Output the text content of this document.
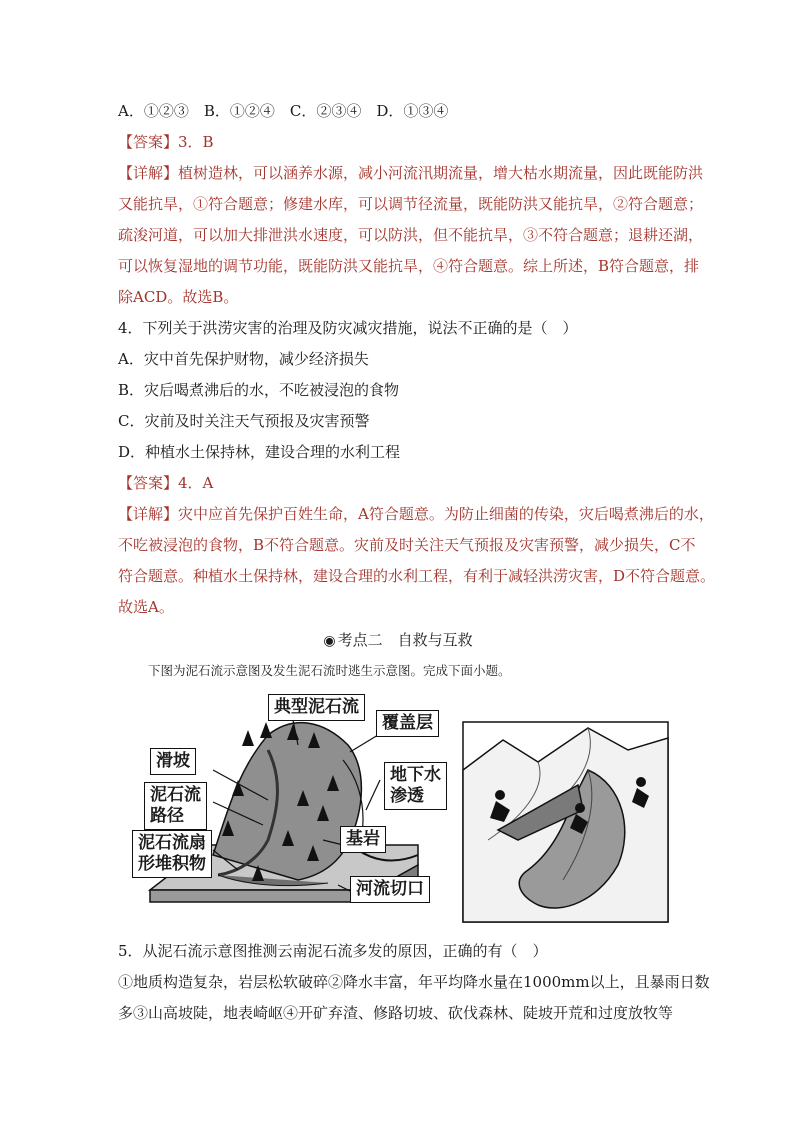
A．①②③　B．①②④　C．②③④　D．①③④
【答案】3．B
【详解】植树造林，可以涵养水源，减小河流汛期流量，增大枯水期流量，因此既能防洪
又能抗旱，①符合题意；修建水库，可以调节径流量，既能防洪又能抗旱，②符合题意；
疏浚河道，可以加大排泄洪水速度，可以防洪，但不能抗旱，③不符合题意；退耕还湖，
可以恢复湿地的调节功能，既能防洪又能抗旱，④符合题意。综上所述，B符合题意，排
除ACD。故选B。
4．下列关于洪涝灾害的治理及防灾减灾措施，说法不正确的是（　）
A．灾中首先保护财物，减少经济损失
B．灾后喝煮沸后的水，不吃被浸泡的食物
C．灾前及时关注天气预报及灾害预警
D．种植水土保持林，建设合理的水利工程
【答案】4．A
【详解】灾中应首先保护百姓生命，A符合题意。为防止细菌的传染，灾后喝煮沸后的水，
不吃被浸泡的食物，B不符合题意。灾前及时关注天气预报及灾害预警，减少损失，C不
符合题意。种植水土保持林，建设合理的水利工程，有利于减轻洪涝灾害，D不符合题意。
故选A。
◉ 考点二　自救与互救
下图为泥石流示意图及发生泥石流时逃生示意图。完成下面小题。
典型泥石流
覆盖层
滑坡
泥石流
路径
泥石流扇
形堆积物
地下水
渗透
基岩
河流切口
5．从泥石流示意图推测云南泥石流多发的原因，正确的有（　）
①地质构造复杂，岩层松软破碎②降水丰富，年平均降水量在1000mm以上，且暴雨日数
多③山高坡陡，地表崎岖④开矿弃渣、修路切坡、砍伐森林、陡坡开荒和过度放牧等
